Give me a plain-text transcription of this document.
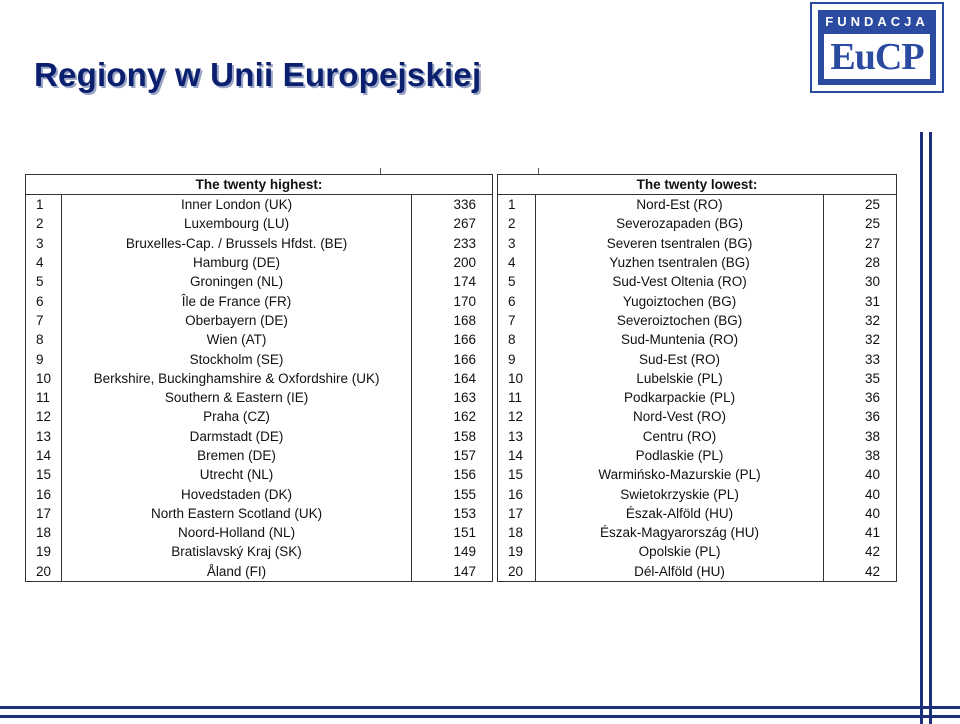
Regiony w Unii Europejskiej
FUNDACJA
EuCP
The twenty highest:		
1	Inner London (UK)	336
2	Luxembourg (LU)	267
3	Bruxelles-Cap. / Brussels Hfdst. (BE)	233
4	Hamburg (DE)	200
5	Groningen (NL)	174
6	Île de France (FR)	170
7	Oberbayern (DE)	168
8	Wien (AT)	166
9	Stockholm (SE)	166
10	Berkshire, Buckinghamshire & Oxfordshire (UK)	164
11	Southern & Eastern (IE)	163
12	Praha (CZ)	162
13	Darmstadt (DE)	158
14	Bremen (DE)	157
15	Utrecht (NL)	156
16	Hovedstaden (DK)	155
17	North Eastern Scotland (UK)	153
18	Noord-Holland (NL)	151
19	Bratislavský Kraj (SK)	149
20	Åland (FI)	147
The twenty lowest:		
1	Nord-Est (RO)	25
2	Severozapaden (BG)	25
3	Severen tsentralen (BG)	27
4	Yuzhen tsentralen (BG)	28
5	Sud-Vest Oltenia (RO)	30
6	Yugoiztochen (BG)	31
7	Severoiztochen (BG)	32
8	Sud-Muntenia (RO)	32
9	Sud-Est (RO)	33
10	Lubelskie (PL)	35
11	Podkarpackie (PL)	36
12	Nord-Vest (RO)	36
13	Centru (RO)	38
14	Podlaskie (PL)	38
15	Warmińsko-Mazurskie (PL)	40
16	Swietokrzyskie (PL)	40
17	Észak-Alföld (HU)	40
18	Észak-Magyarország (HU)	41
19	Opolskie (PL)	42
20	Dél-Alföld (HU)	42
